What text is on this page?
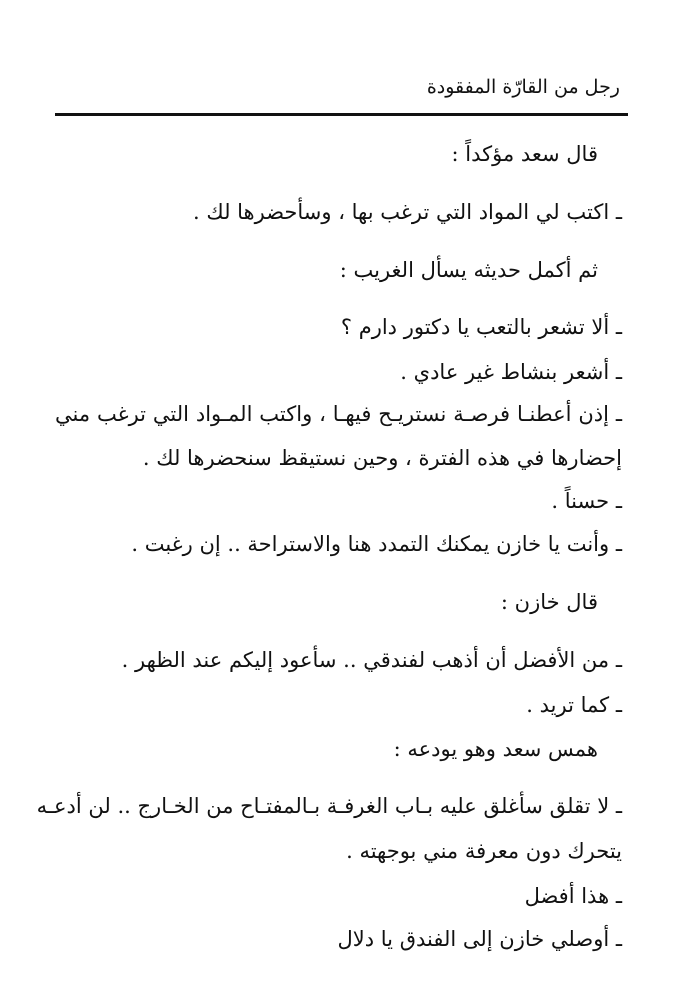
رجل من القارّة المفقودة
قال سعد مؤكداً :
ـ اكتب لي المواد التي ترغب بها ، وسأحضرها لك .
ثم أكمل حديثه يسأل الغريب :
ـ ألا تشعر بالتعب يا دكتور دارم ؟
ـ أشعر بنشاط غير عادي .
ـ إذن أعطنـا فرصـة نستريـح فيهـا ، واكتب المـواد التي ترغب مني
إحضارها في هذه الفترة ، وحين نستيقظ سنحضرها لك .
ـ حسناً .
ـ وأنت يا خازن يمكنك التمدد هنا والاستراحة .. إن رغبت .
قال خازن :
ـ من الأفضل أن أذهب لفندقي .. سأعود إليكم عند الظهر .
ـ كما تريد .
همس سعد وهو يودعه :
ـ لا تقلق سأغلق عليه بـاب الغرفـة بـالمفتـاح من الخـارج .. لن أدعـه
يتحرك دون معرفة مني بوجهته .
ـ هذا أفضل
ـ أوصلي خازن إلى الفندق يا دلال
